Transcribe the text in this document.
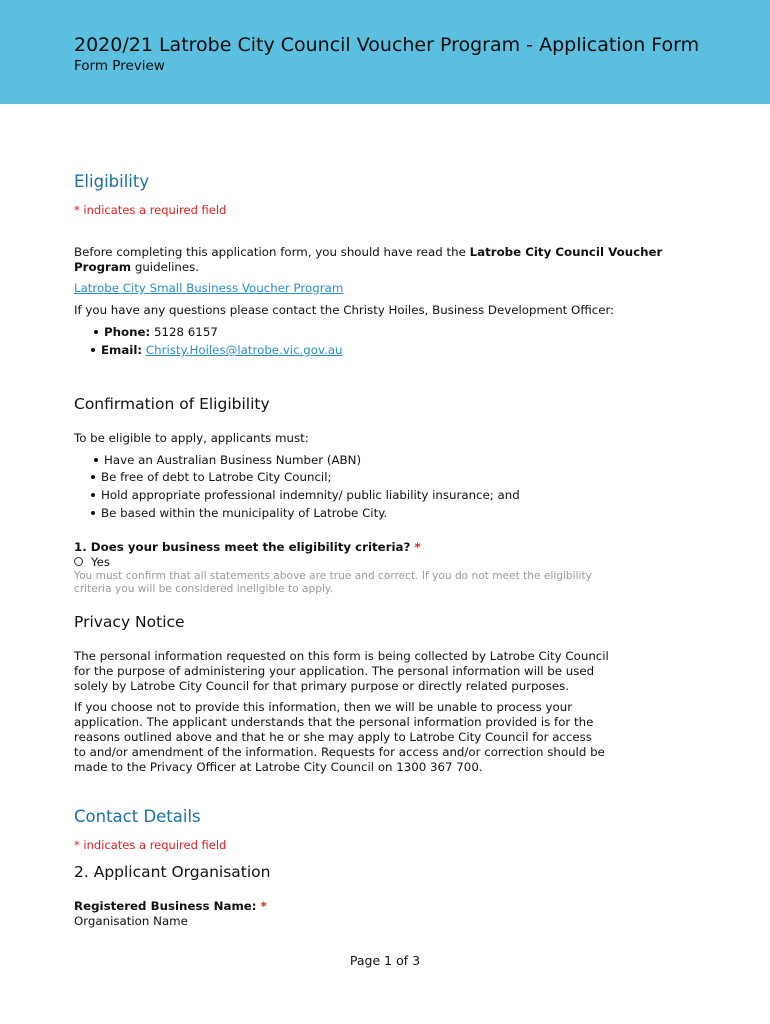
2020/21 Latrobe City Council Voucher Program - Application Form
Form Preview
Eligibility
* indicates a required field
Before completing this application form, you should have read the Latrobe City Council Voucher Program guidelines.
Latrobe City Small Business Voucher Program
If you have any questions please contact the Christy Hoiles, Business Development Officer:
Phone: 5128 6157
Email: Christy.Hoiles@latrobe.vic.gov.au
Confirmation of Eligibility
To be eligible to apply, applicants must:
Have an Australian Business Number (ABN)
Be free of debt to Latrobe City Council;
Hold appropriate professional indemnity/ public liability insurance; and
Be based within the municipality of Latrobe City.
1. Does your business meet the eligibility criteria? *
Yes
You must confirm that all statements above are true and correct. If you do not meet the eligibility
criteria you will be considered ineligible to apply.
Privacy Notice
The personal information requested on this form is being collected by Latrobe City Council
for the purpose of administering your application. The personal information will be used
solely by Latrobe City Council for that primary purpose or directly related purposes.
If you choose not to provide this information, then we will be unable to process your
application. The applicant understands that the personal information provided is for the
reasons outlined above and that he or she may apply to Latrobe City Council for access
to and/or amendment of the information. Requests for access and/or correction should be
made to the Privacy Officer at Latrobe City Council on 1300 367 700.
Contact Details
* indicates a required field
2. Applicant Organisation
Registered Business Name: *
Organisation Name
Page 1 of 3
